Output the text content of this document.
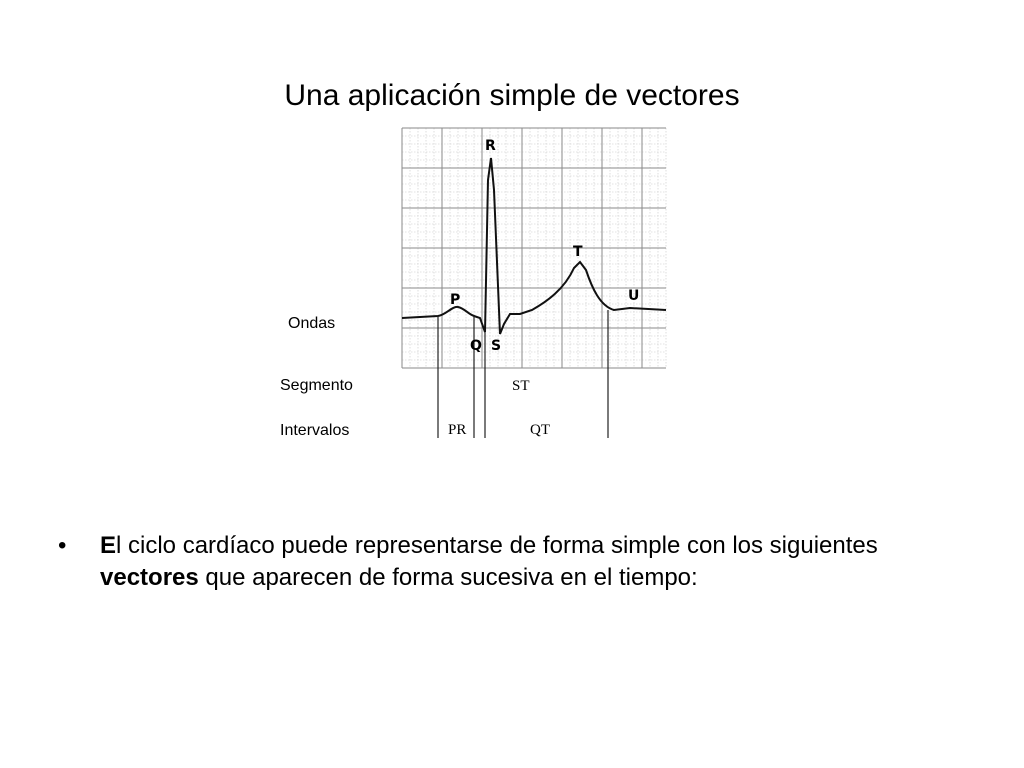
Una aplicación simple de vectores
R
T
P	U
Q S
Ondas
Segmento
Intervalos
ST
PR	QT
•	El ciclo cardíaco puede representarse de forma simple con los siguientes vectores que aparecen de forma sucesiva en el tiempo:
